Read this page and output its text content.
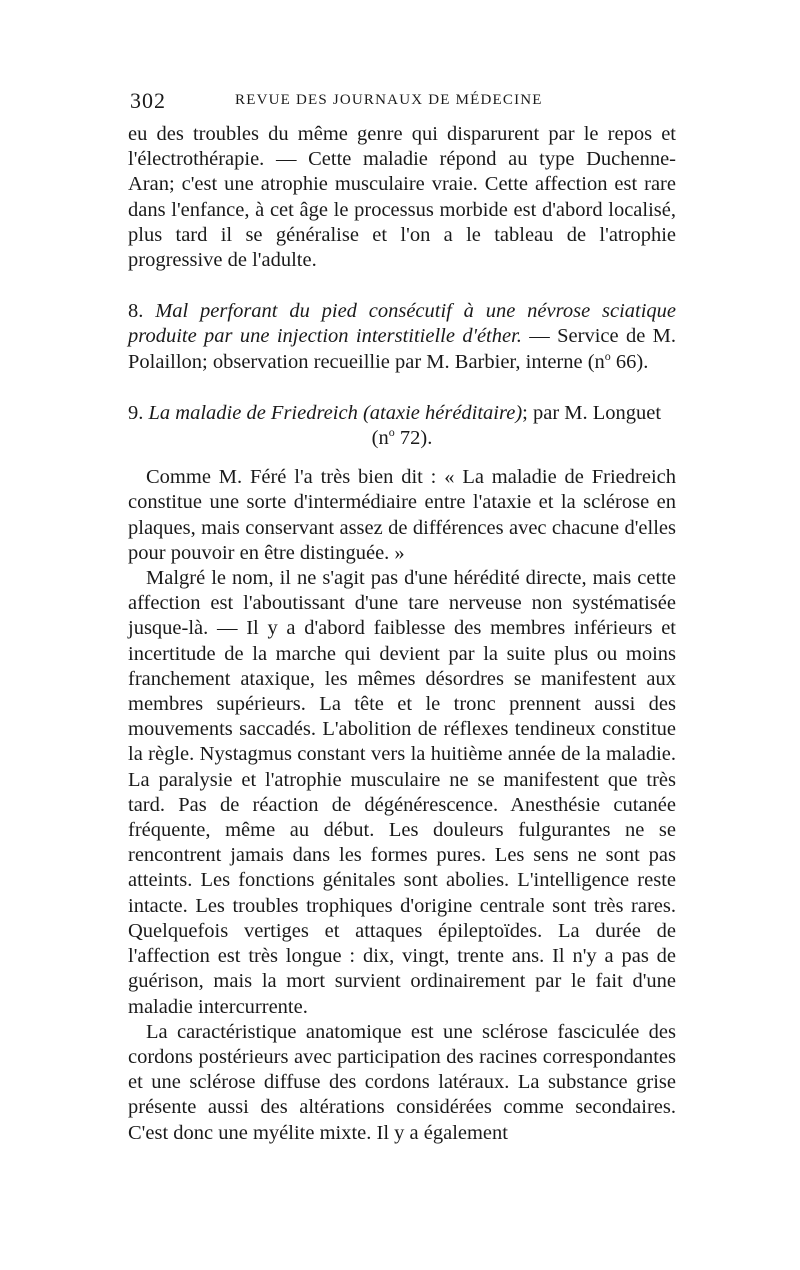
302	REVUE DES JOURNAUX DE MÉDECINE

eu des troubles du même genre qui disparurent par le repos et l'électrothérapie. — Cette maladie répond au type Duchenne-Aran; c'est une atrophie musculaire vraie. Cette affection est rare dans l'enfance, à cet âge le processus morbide est d'abord localisé, plus tard il se généralise et l'on a le tableau de l'atrophie progressive de l'adulte.

8. Mal perforant du pied consécutif à une névrose sciatique produite par une injection interstitielle d'éther. — Service de M. Polaillon; observation recueillie par M. Barbier, interne ($n^o$ 66).

9. La maladie de Friedreich (ataxie héréditaire); par M. Longuet

($n^o$ 72).

Comme M. Féré l'a très bien dit : « La maladie de Friedreich constitue une sorte d'intermédiaire entre l'ataxie et la sclérose en plaques, mais conservant assez de différences avec chacune d'elles pour pouvoir en être distinguée. »

Malgré le nom, il ne s'agit pas d'une hérédité directe, mais cette affection est l'aboutissant d'une tare nerveuse non systématisée jusque-là. — Il y a d'abord faiblesse des membres inférieurs et incertitude de la marche qui devient par la suite plus ou moins franchement ataxique, les mêmes désordres se manifestent aux membres supérieurs. La tête et le tronc prennent aussi des mouvements saccadés. L'abolition de réflexes tendineux constitue la règle. Nystagmus constant vers la huitième année de la maladie. La paralysie et l'atrophie musculaire ne se manifestent que très tard. Pas de réaction de dégénérescence. Anesthésie cutanée fréquente, même au début. Les douleurs fulgurantes ne se rencontrent jamais dans les formes pures. Les sens ne sont pas atteints. Les fonctions génitales sont abolies. L'intelligence reste intacte. Les troubles trophiques d'origine centrale sont très rares. Quelquefois vertiges et attaques épileptoïdes. La durée de l'affection est très longue : dix, vingt, trente ans. Il n'y a pas de guérison, mais la mort survient ordinairement par le fait d'une maladie intercurrente.

La caractéristique anatomique est une sclérose fasciculée des cordons postérieurs avec participation des racines correspondantes et une sclérose diffuse des cordons latéraux. La substance grise présente aussi des altérations considérées comme secondaires. C'est donc une myélite mixte. Il y a également
